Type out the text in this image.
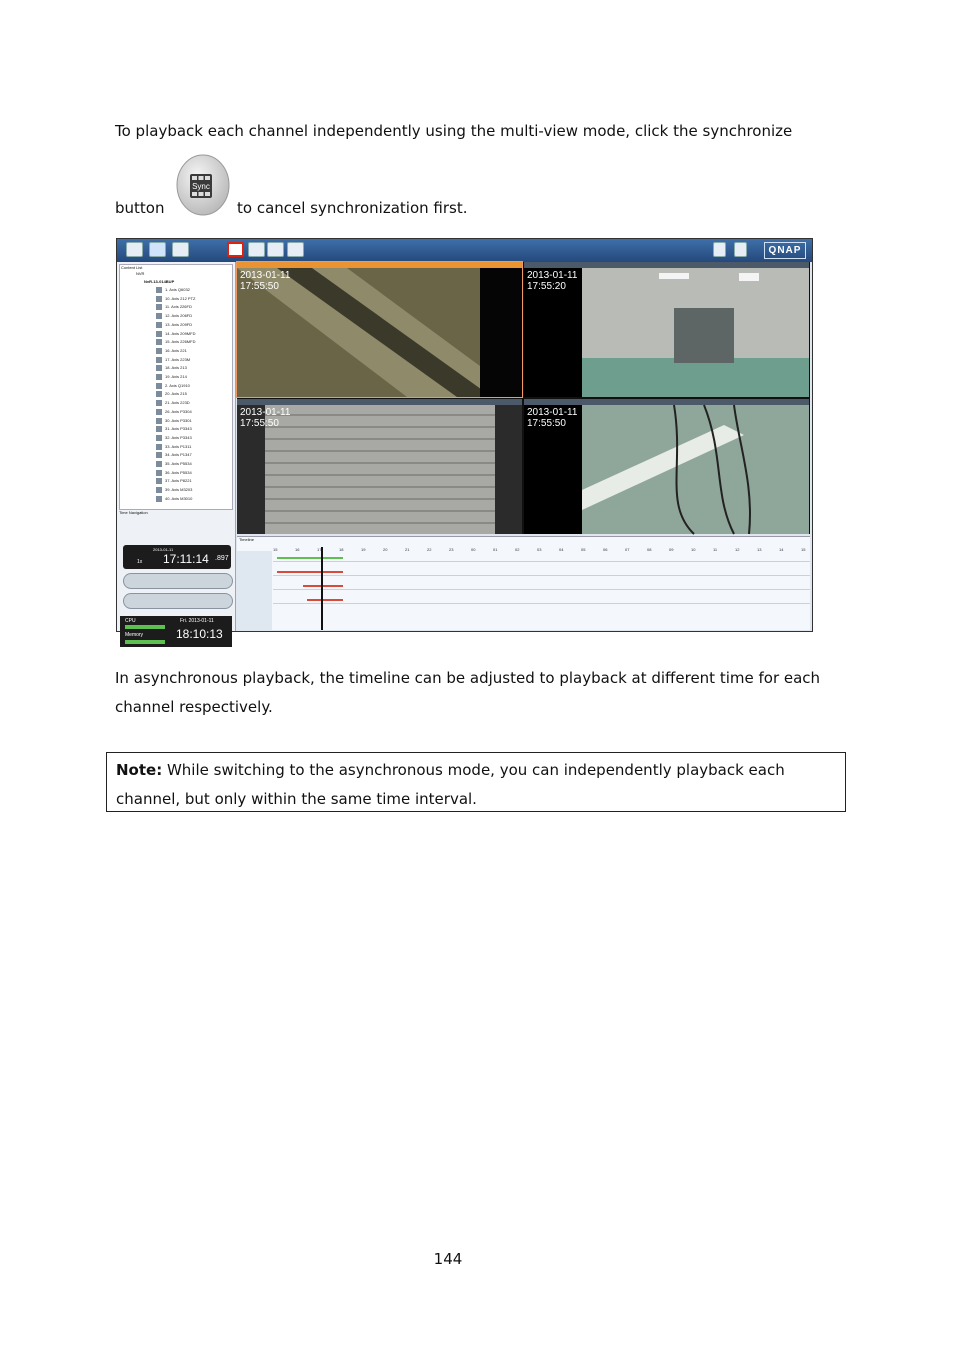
To playback each channel independently using the multi-view mode, click the synchronize

button
Sync
to cancel synchronization first.
QNAP
Content List
NVR
NvR-13-014BUP
1. Axis Q6032
10. Axis 212 PTZ
11. Axis 226FD
12. Axis 206FD
13. Axis 209FD
14. Axis 209MFD
15. Axis 226MFD
16. Axis 221
17. Axis 223M
18. Axis 213
19. Axis 214
2. Axis Q1910
20. Axis 215
21. Axis 223D
26. Axis P3304
30. Axis P3301
31. Axis P3343
32. Axis P3343
33. Axis P1311
34. Axis P1347
35. Axis P5534
36. Axis P5534
37. Axis P8221
39. Axis M3203
40. Axis M3010
Time Navigation
2013-01-11
1x 17:11:14 .897
CPU
Memory
Fri. 2013-01-11
18:10:13
2013-01-11
17:55:50
2013-01-11
17:55:20
2013-01-11
17:55:50
2013-01-11
17:55:50
Timeline
15	16	17	18	19	20	21	22	23	00	01	02	03	04	05	06	07	08	09	10	11	12	13	14	15

In asynchronous playback, the timeline can be adjusted to playback at different time for each channel respectively.

Note: While switching to the asynchronous mode, you can independently playback each channel, but only within the same time interval.
144
